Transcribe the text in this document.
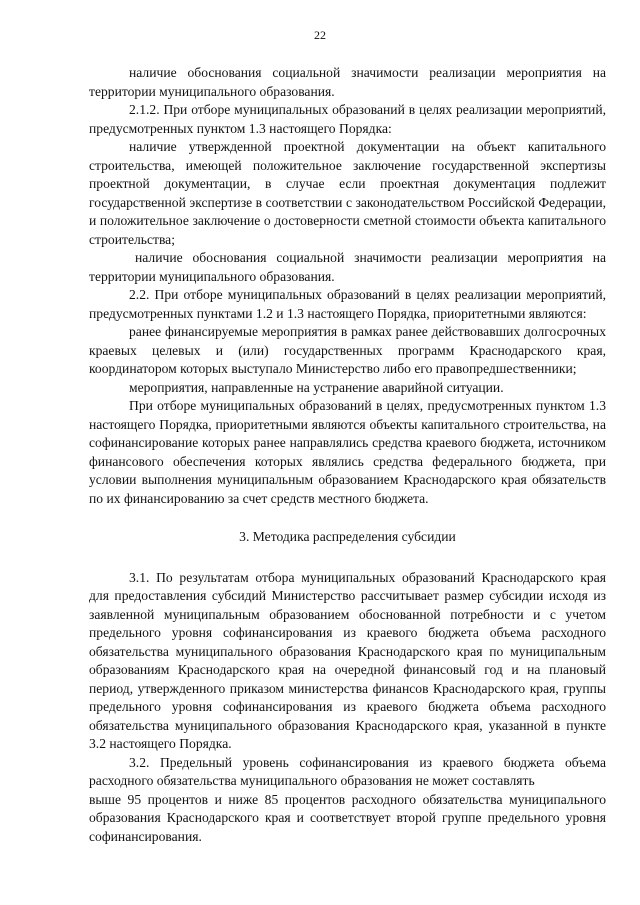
22

наличие обоснования социальной значимости реализации мероприятия на территории муниципального образования.

2.1.2. При отборе муниципальных образований в целях реализации мероприятий, предусмотренных пунктом 1.3 настоящего Порядка:

наличие утвержденной проектной документации на объект капитального строительства, имеющей положительное заключение государственной экспертизы проектной документации, в случае если проектная документация подлежит государственной экспертизе в соответствии с законодательством Российской Федерации, и положительное заключение о достоверности сметной стоимости объекта капитального строительства;

наличие обоснования социальной значимости реализации мероприятия на территории муниципального образования.

2.2. При отборе муниципальных образований в целях реализации мероприятий, предусмотренных пунктами 1.2 и 1.3 настоящего Порядка, приоритетными являются:

ранее финансируемые мероприятия в рамках ранее действовавших долгосрочных краевых целевых и (или) государственных программ Краснодарского края, координатором которых выступало Министерство либо его правопредшественники;

мероприятия, направленные на устранение аварийной ситуации.

При отборе муниципальных образований в целях, предусмотренных пунктом 1.3 настоящего Порядка, приоритетными являются объекты капитального строительства, на софинансирование которых ранее направлялись средства краевого бюджета, источником финансового обеспечения которых являлись средства федерального бюджета, при условии выполнения муниципальным образованием Краснодарского края обязательств по их финансированию за счет средств местного бюджета.

3. Методика распределения субсидии

3.1. По результатам отбора муниципальных образований Краснодарского края для предоставления субсидий Министерство рассчитывает размер субсидии исходя из заявленной муниципальным образованием обоснованной потребности и с учетом предельного уровня софинансирования из краевого бюджета объема расходного обязательства муниципального образования Краснодарского края по муниципальным образованиям Краснодарского края на очередной финансовый год и на плановый период, утвержденного приказом министерства финансов Краснодарского края, группы предельного уровня софинансирования из краевого бюджета объема расходного обязательства муниципального образования Краснодарского края, указанной в пункте 3.2 настоящего Порядка.

3.2. Предельный уровень софинансирования из краевого бюджета объема расходного обязательства муниципального образования не может составлять

выше 95 процентов и ниже 85 процентов расходного обязательства муниципального образования Краснодарского края и соответствует второй группе предельного уровня софинансирования.
